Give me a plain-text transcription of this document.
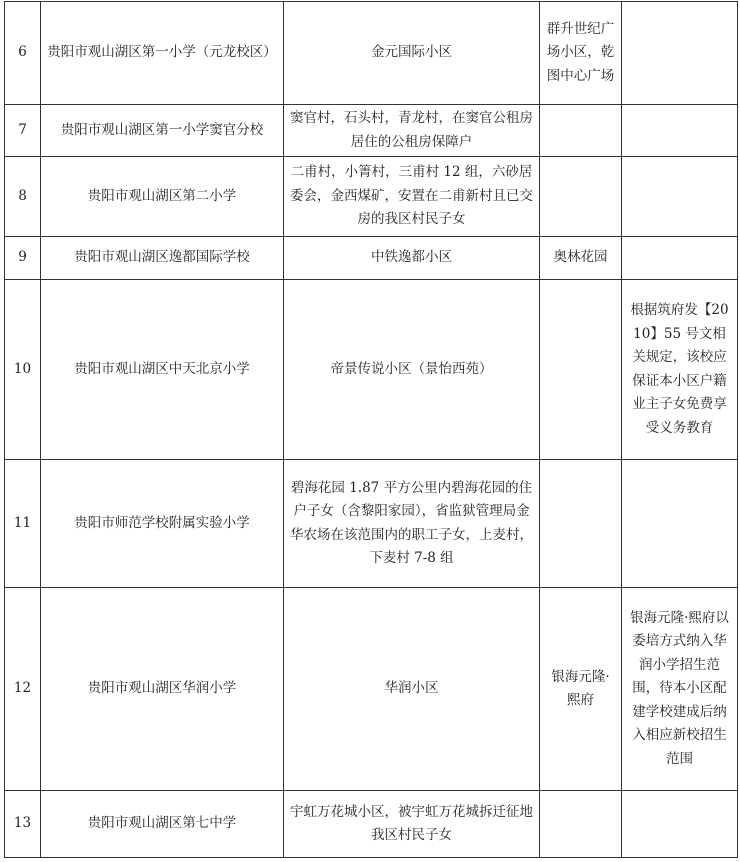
6	贵阳市观山湖区第一小学（元龙校区）	金元国际小区	群升世纪广场小区，乾图中心广场	
7	贵阳市观山湖区第一小学窦官分校	窦官村，石头村，青龙村，在窦官公租房居住的公租房保障户		
8	贵阳市观山湖区第二小学	二甫村，小箐村，三甫村 12 组，六砂居委会，金西煤矿，安置在二甫新村且已交房的我区村民子女		
9	贵阳市观山湖区逸都国际学校	中铁逸都小区	奥林花园	
10	贵阳市观山湖区中天北京小学	帝景传说小区（景怡西苑）		根据筑府发【2010】55 号文相关规定，该校应保证本小区户籍业主子女免费享受义务教育
11	贵阳市师范学校附属实验小学	碧海花园 1.87 平方公里内碧海花园的住户子女（含黎阳家园），省监狱管理局金华农场在该范围内的职工子女，上麦村，下麦村 7-8 组		
12	贵阳市观山湖区华润小学	华润小区	银海元隆·熙府	银海元隆·熙府以委培方式纳入华润小学招生范围，待本小区配建学校建成后纳入相应新校招生范围
13	贵阳市观山湖区第七中学	宇虹万花城小区，被宇虹万花城拆迁征地我区村民子女		
